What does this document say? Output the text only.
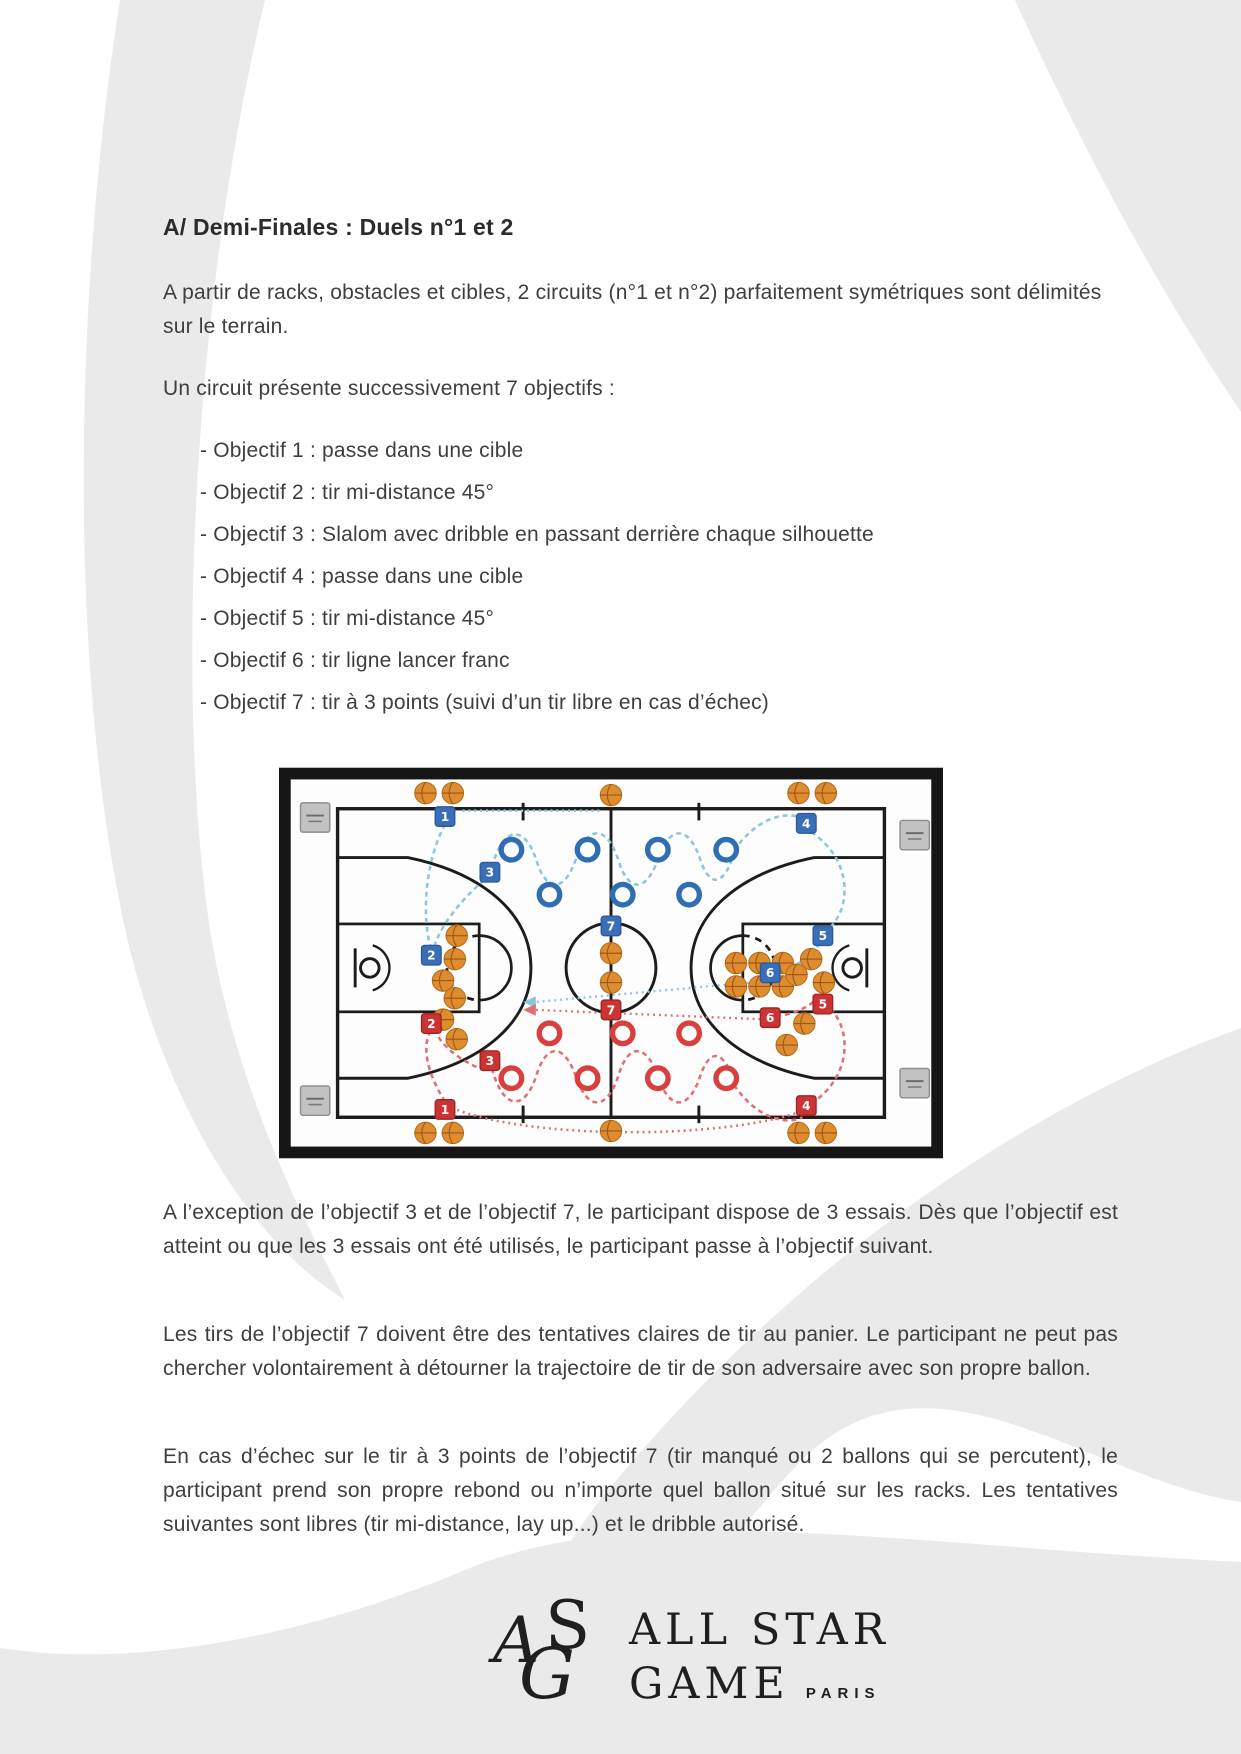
A/ Demi-Finales : Duels n°1 et 2
A partir de racks, obstacles et cibles, 2 circuits (n°1 et n°2) parfaitement symétriques sont délimités sur le terrain.
Un circuit présente successivement 7 objectifs :
- Objectif 1 : passe dans une cible
- Objectif 2 : tir mi-distance 45°
- Objectif 3 : Slalom avec dribble en passant derrière chaque silhouette
- Objectif 4 : passe dans une cible
- Objectif 5 : tir mi-distance 45°
- Objectif 6 : tir ligne lancer franc
- Objectif 7 : tir à 3 points (suivi d’un tir libre en cas d’échec)
1
2
3
4
5
6
7
1
2
3
4
5
6
7
A l’exception de l’objectif 3 et de l’objectif 7, le participant dispose de 3 essais. Dès que l’objectif est atteint ou que les 3 essais ont été utilisés, le participant passe à l’objectif suivant.
Les tirs de l’objectif 7 doivent être des tentatives claires de tir au panier. Le participant ne peut pas chercher volontairement à détourner la trajectoire de tir de son adversaire avec son propre ballon.
En cas d’échec sur le tir à 3 points de l’objectif 7 (tir manqué ou 2 ballons qui se percutent), le participant prend son propre rebond ou n’importe quel ballon situé sur les racks. Les tentatives suivantes sont libres (tir mi-distance, lay up...) et le dribble autorisé.
A
G
S ALL STAR
GAME PARIS
